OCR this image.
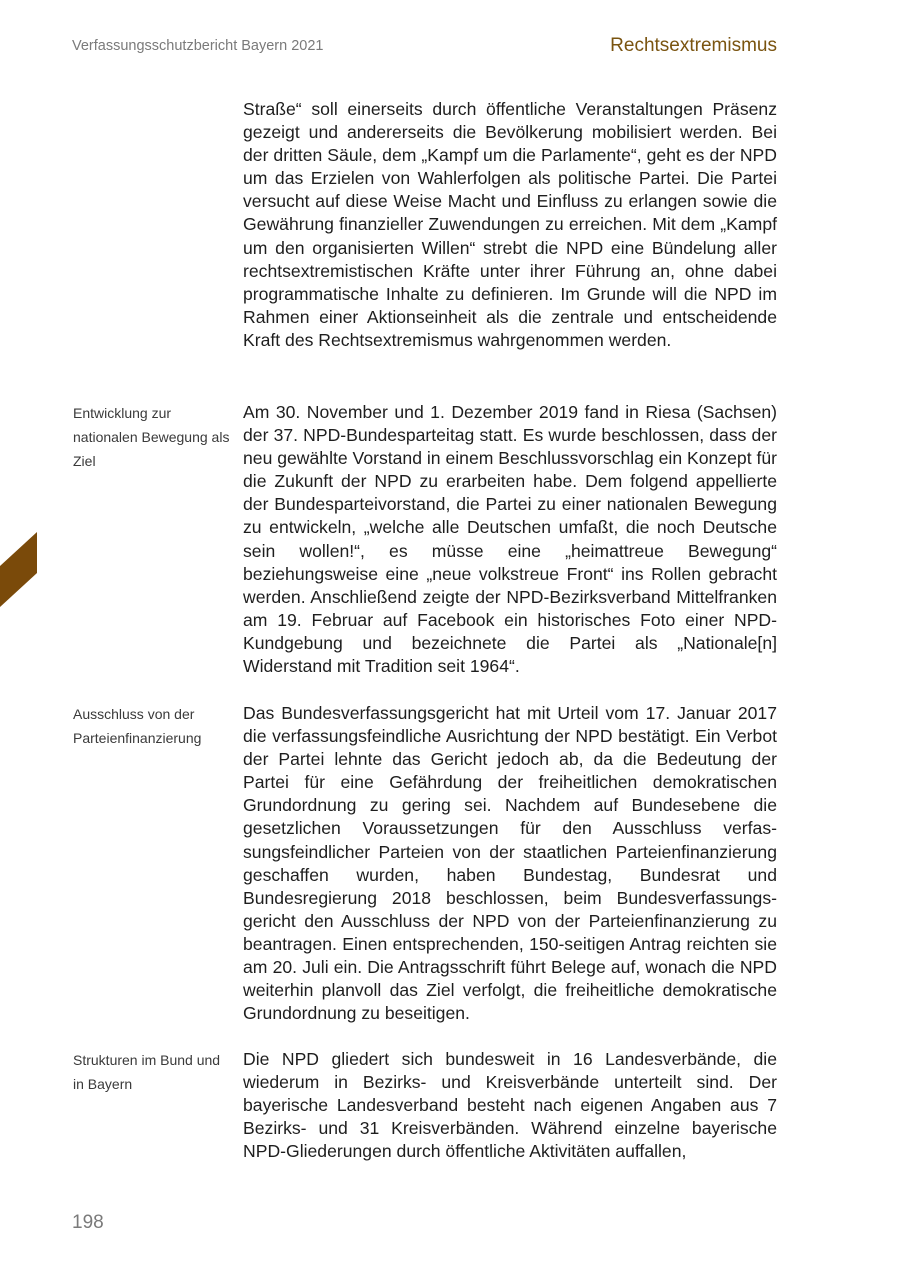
Verfassungsschutzbericht Bayern 2021	Rechtsextremismus

Straße“ soll einerseits durch öffentliche Veranstaltungen Präsenz gezeigt und andererseits die Bevölkerung mobilisiert werden. Bei der dritten Säule, dem „Kampf um die Parlamente“, geht es der NPD um das Erzielen von Wahlerfolgen als politische Partei. Die Partei versucht auf diese Weise Macht und Einfluss zu erlangen sowie die Gewährung finanzieller Zuwendungen zu erreichen. Mit dem „Kampf um den organisierten Willen“ strebt die NPD eine Bündelung aller rechtsextremistischen Kräfte unter ihrer Führung an, ohne dabei programmatische Inhalte zu definieren. Im Grunde will die NPD im Rahmen einer Aktionseinheit als die zentrale und entscheidende Kraft des Rechtsextremismus wahrgenommen werden.

Entwicklung zur nationalen Bewegung als Ziel

Am 30. November und 1. Dezember 2019 fand in Riesa (Sachsen) der 37. NPD-Bundesparteitag statt. Es wurde beschlossen, dass der neu gewählte Vorstand in einem Beschlussvorschlag ein Konzept für die Zukunft der NPD zu erarbeiten habe. Dem folgend appellierte der Bundesparteivorstand, die Partei zu einer nationalen Bewegung zu entwickeln, „welche alle Deutschen umfaßt, die noch Deutsche sein wollen!“, es müsse eine „heimattreue Bewegung“ beziehungsweise eine „neue volkstreue Front“ ins Rollen gebracht werden. Anschließend zeigte der NPD-Bezirksverband Mittelfranken am 19. Februar auf Facebook ein historisches Foto einer NPD-Kundgebung und bezeichnete die Partei als „Nationale[n] Widerstand mit Tradition seit 1964“.

Ausschluss von der Parteienfinanzierung

Das Bundesverfassungsgericht hat mit Urteil vom 17. Januar 2017 die verfassungsfeindliche Ausrichtung der NPD bestätigt. Ein Verbot der Partei lehnte das Gericht jedoch ab, da die Bedeutung der Partei für eine Gefährdung der freiheitlichen demokratischen Grundordnung zu gering sei. Nachdem auf Bundesebene die gesetzlichen Voraussetzungen für den Ausschluss verfassungsfeindlicher Parteien von der staatlichen Parteienfinanzierung geschaffen wurden, haben Bundestag, Bundesrat und Bundesregierung 2018 beschlossen, beim Bundesverfassungsgericht den Ausschluss der NPD von der Parteienfinanzierung zu beantragen. Einen entsprechenden, 150-seitigen Antrag reichten sie am 20. Juli ein. Die Antragsschrift führt Belege auf, wonach die NPD weiterhin planvoll das Ziel verfolgt, die freiheitliche demokratische Grundordnung zu beseitigen.

Strukturen im Bund und in Bayern

Die NPD gliedert sich bundesweit in 16 Landesverbände, die wiederum in Bezirks- und Kreisverbände unterteilt sind. Der bayerische Landesverband besteht nach eigenen Angaben aus 7 Bezirks- und 31 Kreisverbänden. Während einzelne bayerische NPD-Gliederungen durch öffentliche Aktivitäten auffallen,

198
